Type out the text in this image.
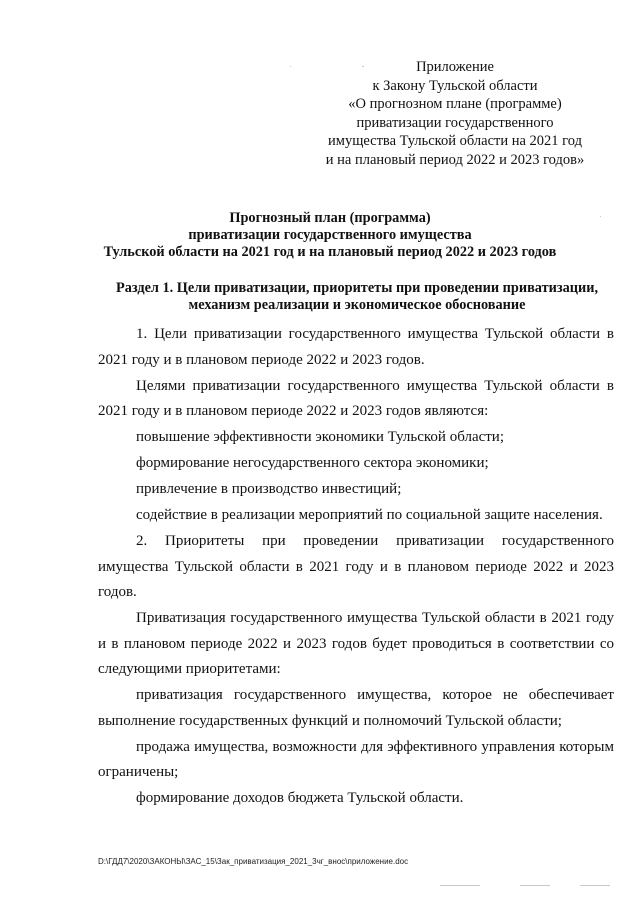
Приложение
к Закону Тульской области
«О прогнозном плане (программе)
приватизации государственного
имущества Тульской области на 2021 год
и на плановый период 2022 и 2023 годов»
Прогнозный план (программа)
приватизации государственного имущества
Тульской области на 2021 год и на плановый период 2022 и 2023 годов
Раздел 1. Цели приватизации, приоритеты при проведении приватизации,
механизм реализации и экономическое обоснование
1. Цели приватизации государственного имущества Тульской области в 2021 году и в плановом периоде 2022 и 2023 годов.
Целями приватизации государственного имущества Тульской области в 2021 году и в плановом периоде 2022 и 2023 годов являются:
повышение эффективности экономики Тульской области;
формирование негосударственного сектора экономики;
привлечение в производство инвестиций;
содействие в реализации мероприятий по социальной защите населения.
2. Приоритеты при проведении приватизации государственного имущества Тульской области в 2021 году и в плановом периоде 2022 и 2023 годов.
Приватизация государственного имущества Тульской области в 2021 году и в плановом периоде 2022 и 2023 годов будет проводиться в соответствии со следующими приоритетами:
приватизация государственного имущества, которое не обеспечивает выполнение государственных функций и полномочий Тульской области;
продажа имущества, возможности для эффективного управления которым ограничены;
формирование доходов бюджета Тульской области.
D:\ГДД7\2020\ЗАКОНЫ\ЗАС_15\Зак_приватизация_2021_3чг_внос\приложение.doc
